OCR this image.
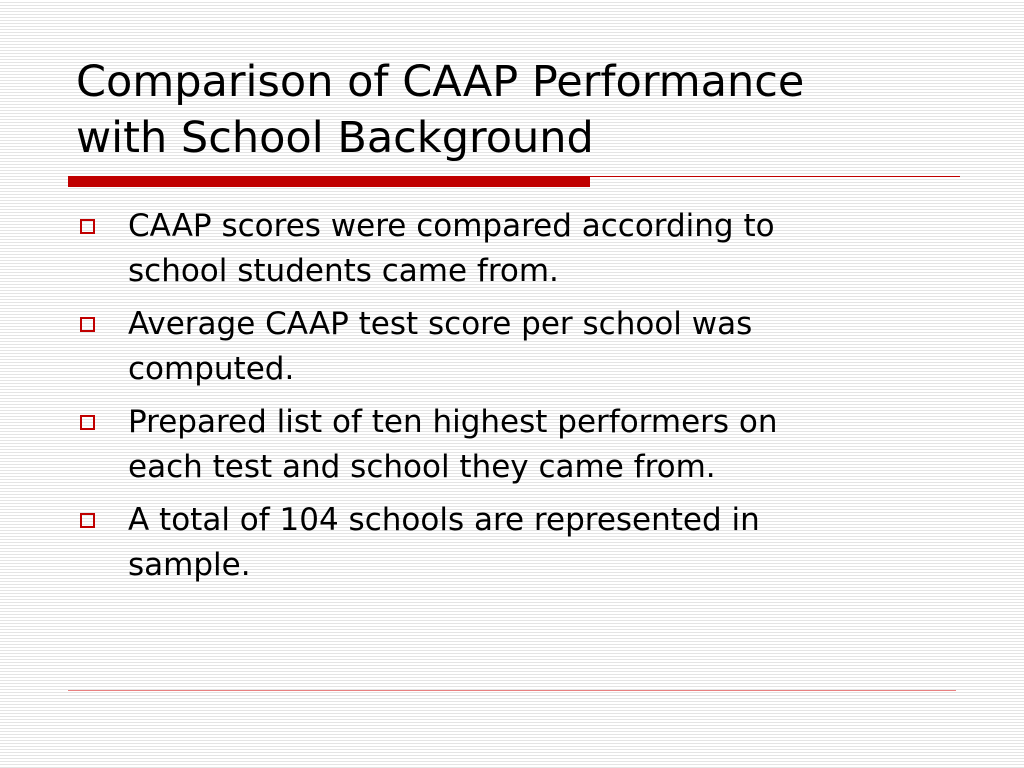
Comparison of CAAP Performance
with School Background
CAAP scores were compared according to
school students came from.
Average CAAP test score per school was
computed.
Prepared list of ten highest performers on
each test and school they came from.
A total of 104 schools are represented in
sample.
